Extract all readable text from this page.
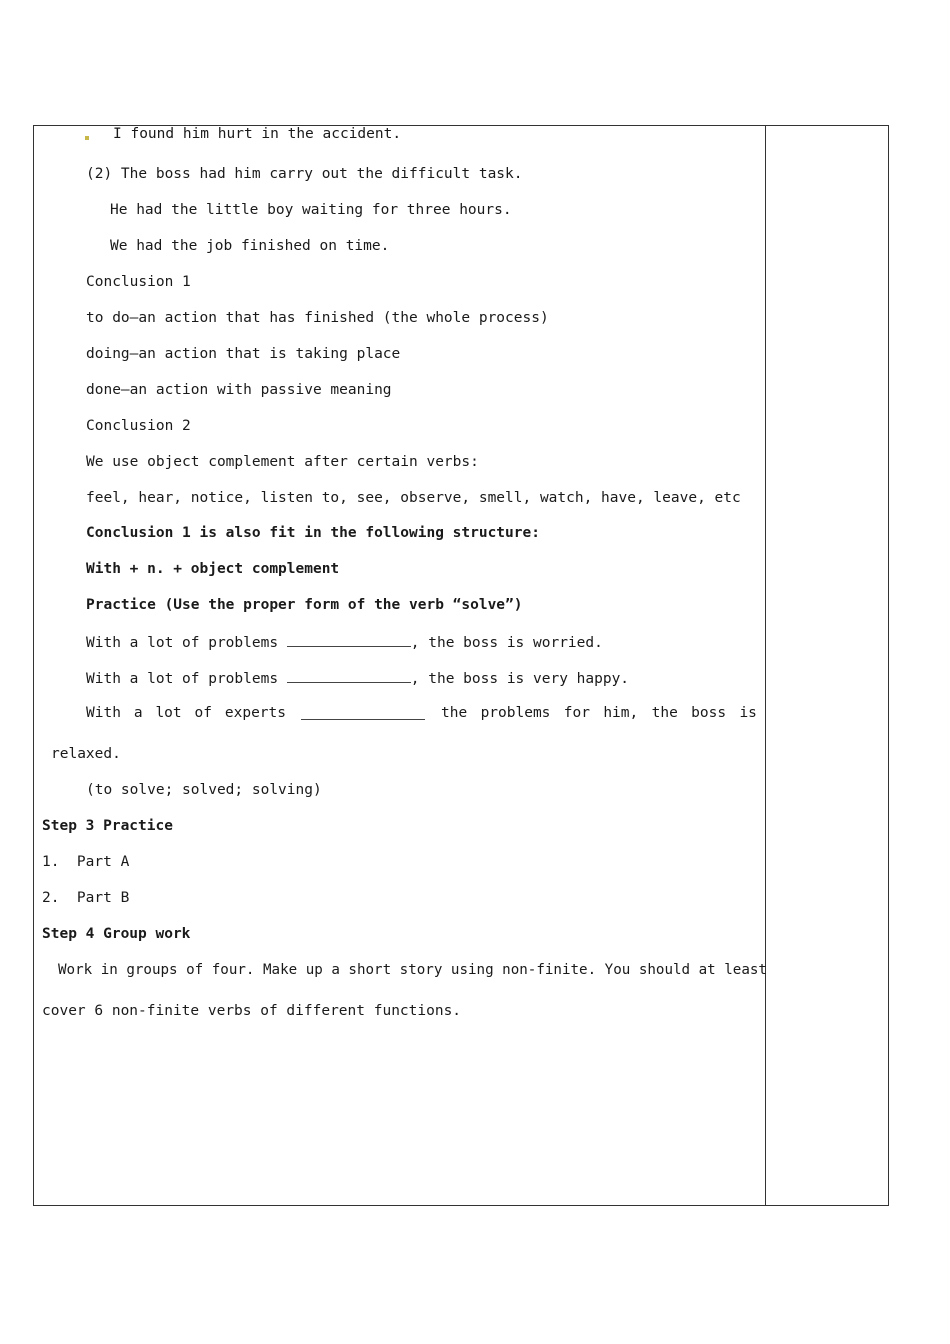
I found him hurt in the accident.
(2) The boss had him carry out the difficult task.
He had the little boy waiting for three hours.
We had the job finished on time.
Conclusion 1
to do—an action that has finished (the whole process)
doing—an action that is taking place
done—an action with passive meaning
Conclusion 2
We use object complement after certain verbs:
feel, hear, notice, listen to, see, observe, smell, watch, have, leave, etc
Conclusion 1 is also fit in the following structure:
With + n. + object complement
Practice (Use the proper form of the verb “solve”)
With a lot of problems	, the boss is worried.
With a lot of problems	, the boss is very happy.
With a lot of experts	the problems for him, the boss is
relaxed.
(to solve; solved; solving)
Step 3 Practice
1.  Part A
2.  Part B
Step 4 Group work
Work in groups of four. Make up a short story using non-finite. You should at least
cover 6 non-finite verbs of different functions.
